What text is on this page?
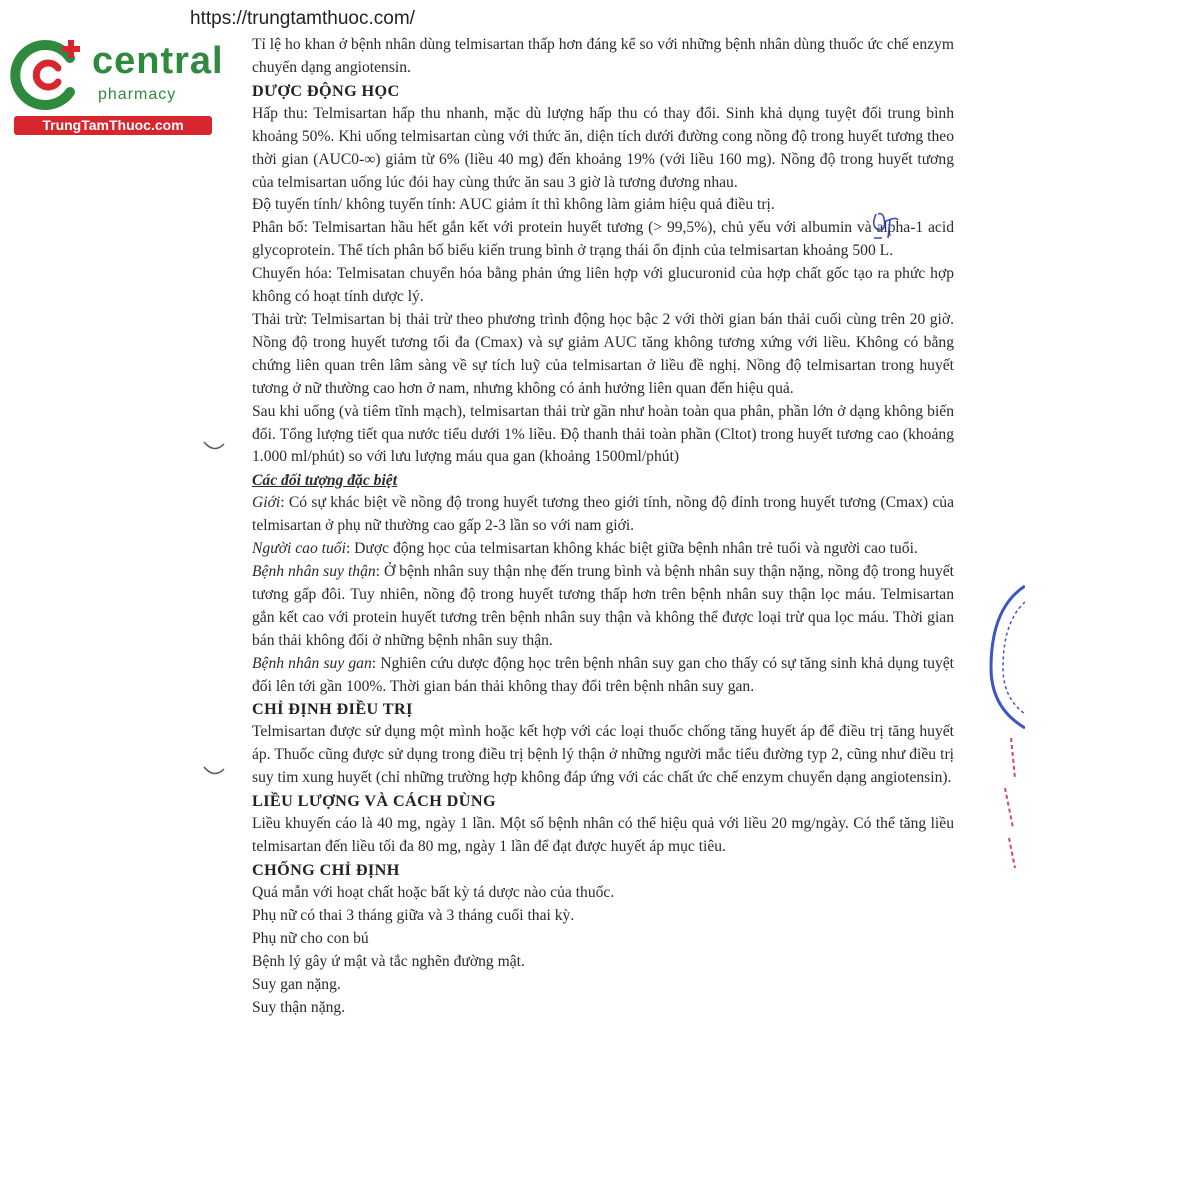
https://trungtamthuoc.com/
central
pharmacy
TrungTamThuoc.com

Tỉ lệ ho khan ở bệnh nhân dùng telmisartan thấp hơn đáng kể so với những bệnh nhân dùng thuốc ức chế enzym chuyển dạng angiotensin.

DƯỢC ĐỘNG HỌC

Hấp thu: Telmisartan hấp thu nhanh, mặc dù lượng hấp thu có thay đổi. Sinh khả dụng tuyệt đối trung bình khoảng 50%. Khi uống telmisartan cùng với thức ăn, diện tích dưới đường cong nồng độ trong huyết tương theo thời gian (AUC0-∞) giảm từ 6% (liều 40 mg) đến khoảng 19% (với liều 160 mg). Nồng độ trong huyết tương của telmisartan uống lúc đói hay cùng thức ăn sau 3 giờ là tương đương nhau.

Độ tuyến tính/ không tuyến tính: AUC giảm ít thì không làm giảm hiệu quả điều trị.

Phân bố: Telmisartan hầu hết gắn kết với protein huyết tương (> 99,5%), chủ yếu với albumin và alpha-1 acid glycoprotein. Thể tích phân bố biểu kiến trung bình ở trạng thái ổn định của telmisartan khoảng 500 L.

Chuyển hóa: Telmisatan chuyển hóa bằng phản ứng liên hợp với glucuronid của hợp chất gốc tạo ra phức hợp không có hoạt tính dược lý.

Thải trừ: Telmisartan bị thải trừ theo phương trình động học bậc 2 với thời gian bán thải cuối cùng trên 20 giờ. Nồng độ trong huyết tương tối đa (Cmax) và sự giảm AUC tăng không tương xứng với liều. Không có bằng chứng liên quan trên lâm sàng về sự tích luỹ của telmisartan ở liều đề nghị. Nồng độ telmisartan trong huyết tương ở nữ thường cao hơn ở nam, nhưng không có ảnh hưởng liên quan đến hiệu quả.

Sau khi uống (và tiêm tĩnh mạch), telmisartan thải trừ gần như hoàn toàn qua phân, phần lớn ở dạng không biến đổi. Tổng lượng tiết qua nước tiểu dưới 1% liều. Độ thanh thải toàn phần (Cltot) trong huyết tương cao (khoảng 1.000 ml/phút) so với lưu lượng máu qua gan (khoảng 1500ml/phút)

Các đối tượng đặc biệt

Giới: Có sự khác biệt về nồng độ trong huyết tương theo giới tính, nồng độ đỉnh trong huyết tương (Cmax) của telmisartan ở phụ nữ thường cao gấp 2-3 lần so với nam giới.

Người cao tuổi: Dược động học của telmisartan không khác biệt giữa bệnh nhân trẻ tuổi và người cao tuổi.

Bệnh nhân suy thận: Ở bệnh nhân suy thận nhẹ đến trung bình và bệnh nhân suy thận nặng, nồng độ trong huyết tương gấp đôi. Tuy nhiên, nồng độ trong huyết tương thấp hơn trên bệnh nhân suy thận lọc máu. Telmisartan gắn kết cao với protein huyết tương trên bệnh nhân suy thận và không thể được loại trừ qua lọc máu. Thời gian bán thải không đổi ở những bệnh nhân suy thận.

Bệnh nhân suy gan: Nghiên cứu dược động học trên bệnh nhân suy gan cho thấy có sự tăng sinh khả dụng tuyệt đối lên tới gần 100%. Thời gian bán thải không thay đổi trên bệnh nhân suy gan.

CHỈ ĐỊNH ĐIỀU TRỊ

Telmisartan được sử dụng một mình hoặc kết hợp với các loại thuốc chống tăng huyết áp để điều trị tăng huyết áp. Thuốc cũng được sử dụng trong điều trị bệnh lý thận ở những người mắc tiểu đường typ 2, cũng như điều trị suy tim xung huyết (chỉ những trường hợp không đáp ứng với các chất ức chế enzym chuyển dạng angiotensin).

LIỀU LƯỢNG VÀ CÁCH DÙNG

Liều khuyến cáo là 40 mg, ngày 1 lần. Một số bệnh nhân có thể hiệu quả với liều 20 mg/ngày. Có thể tăng liều telmisartan đến liều tối đa 80 mg, ngày 1 lần để đạt được huyết áp mục tiêu.

CHỐNG CHỈ ĐỊNH

Quá mẫn với hoạt chất hoặc bất kỳ tá dược nào của thuốc.

Phụ nữ có thai 3 tháng giữa và 3 tháng cuối thai kỳ.

Phụ nữ cho con bú

Bệnh lý gây ứ mật và tắc nghẽn đường mật.

Suy gan nặng.

Suy thận nặng.
